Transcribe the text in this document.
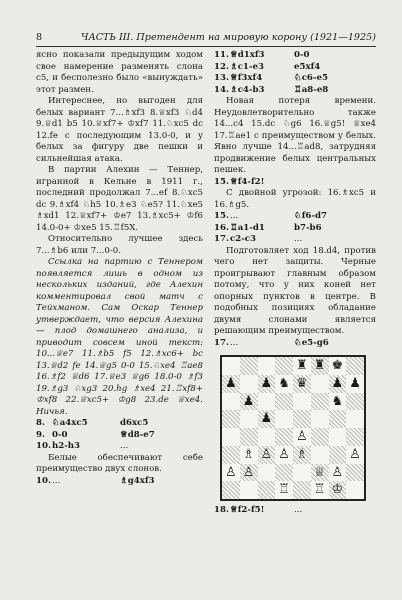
8	ЧАСТЬ III. Претендент на мировую корону (1921—1925)

ясно показали предыдущим ходом свое намерение разменять слона c5, и бесполезно было «вынуждать» этот размен.

Интереснее, но выгоден для белых вариант 7...♗xf3 8.♕xf3 ♘d4 9.♕d1 b5 10.♕xf7+ ♔xf7 11.♘xc5 dc 12.fe с последующим 13.0-0, и у белых за фигуру две пешки и сильнейшая атака.

В партии Алехин — Теннер, игранной в Кельне в 1911 г., последний продолжал 7...ef 8.♘xc5 dc 9.♗xf4 ♘h5 10.♗e3 ♘e5? 11.♘xe5 ♗xd1 12.♕xf7+ ♔e7 13.♗xc5+ ♔f6 14.0-0+ ♔xe5 15.♖f5X.

Относительно лучшее здесь 7...♗b6 или 7...0-0.

Ссылка на партию с Теннером появляется лишь в одном из нескольких изданий, где Алехин комментировал свой матч с Тейхманом. Сам Оскар Теннер утверждает, что версия Алехина — плод домашнего анализа, и приводит совсем иной текст: 10...♕e7 11.♗b5 f5 12.♗xc6+ bc 13.♕d2 fe 14.♕g5 0-0 15.♘xe4 ♖ae8 16.♗f2 ♕d6 17.♕e3 ♕g6 18.0-0 ♗f3 19.♗g3 ♘xg3 20.hg ♗xe4 21.♖xf8+ ♔xf8 22.♕xc5+ ♔g8 23.de ♕xe4. Ничья.

8. ♘a4xc5	d6xc5
9. 0-0	♕d8-e7
10. h2-h3	...

Белые обеспечивают себе преимущество двух слонов.

10. ...	♗g4xf3
11. ♕d1xf3	0-0
12. ♗c1-e3	e5xf4
13. ♕f3xf4	♘c6-e5
14. ♗c4-b3	♖a8-e8

Новая потеря времени. Неудовлетворительно также 14...c4 15.dc ♘g6 16.♕g5! ♕xe4 17.♖ae1 с преимуществом у белых. Явно лучше 14...♖ad8, затрудняя продвижение белых центральных пешек.

15. ♕f4-f2!

С двойной угрозой: 16.♗xc5 и 16.♗g5.

15. ...	♘f6-d7
16. ♖a1-d1	b7-b6
17. c2-c3	...

Подготовляет ход 18.d4, против чего нет защиты. Черные проигрывают главным образом потому, что у них коней нет опорных пунктов в центре. В подобных позициях обладание двумя слонами является решающим преимуществом.

17. ...	♘e5-g6
♜ ♜ ♚
♟ ♟ ♞ ♛ ♟ ♟
♟	♞
♟
♙
♗ ♙ ♙ ♗	♙
♙ ♙	♕ ♙
♖ ♖ ♔
18. ♕f2-f5!	...
